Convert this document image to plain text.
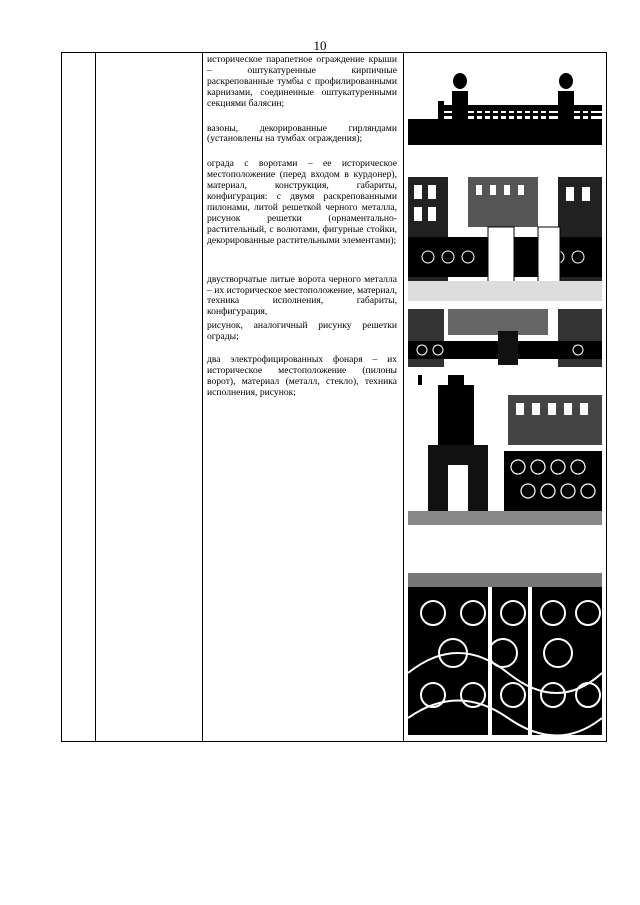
10

историческое парапетное ограждение крыши – оштукатуренные кирпичные раскрепованные тумбы с профилированными карнизами, соединенные оштукатуренными секциями балясин;

вазоны, декорированные гирляндами (установлены на тумбах ограждения);

ограда с воротами – ее историческое местоположение (перед входом в курдонер), материал, конструкция, габариты, конфигурация: с двумя раскрепованными пилонами, литой решеткой черного металла, рисунок решетки (орнаментально-растительный, с волютами, фигурные стойки, декорированные растительными элементами);

двустворчатые литые ворота черного металла – их историческое местоположение, материал, техника исполнения, габариты, конфигурация,

рисунок, аналогичный рисунку решетки ограды;

два электрофицированных фонаря – их историческое местоположение (пилоны ворот), материал (металл, стекло), техника исполнения, рисунок;
